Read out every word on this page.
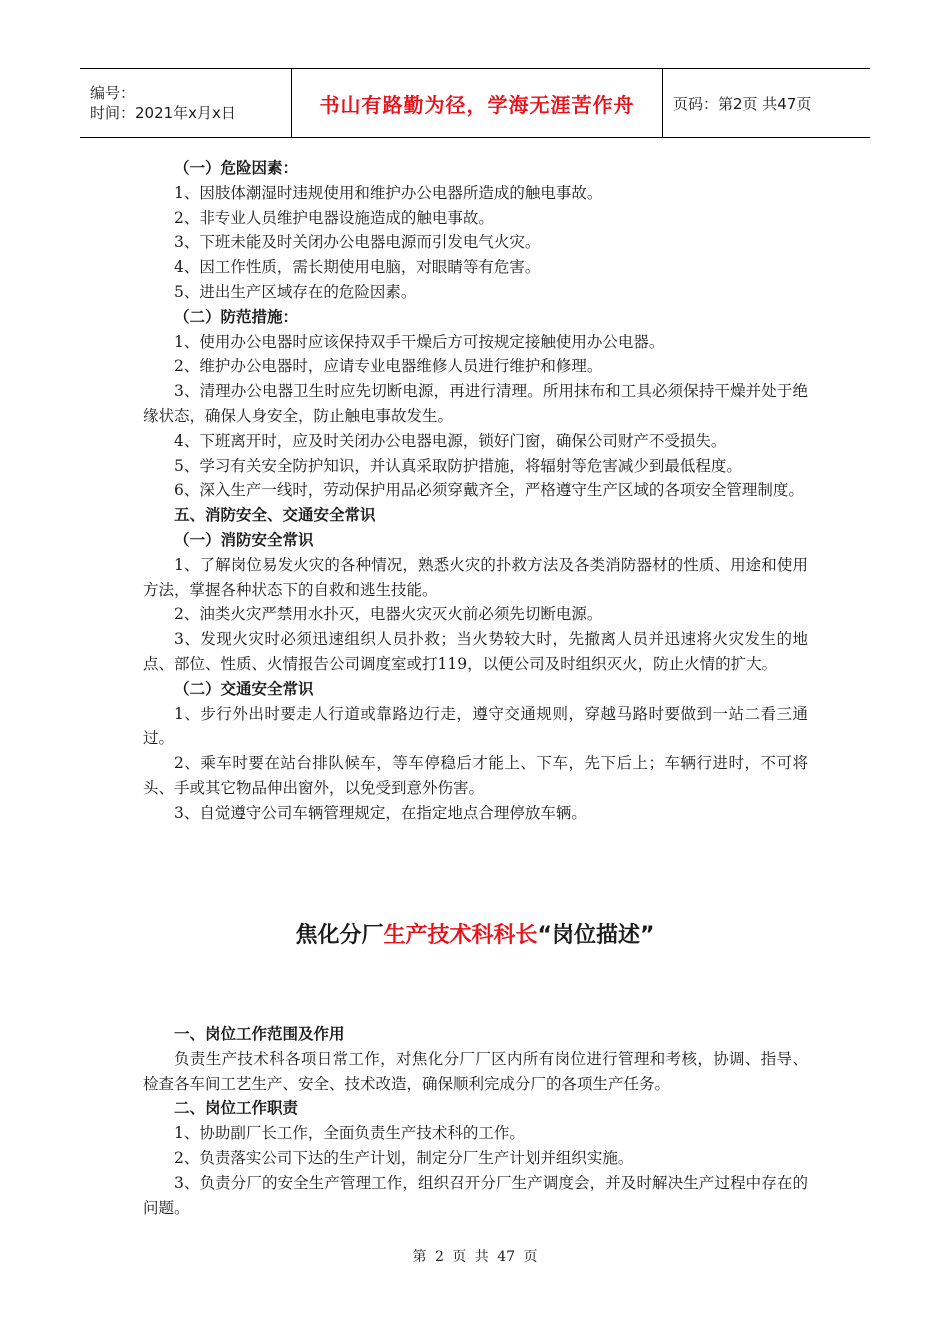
编号：
时间：2021年x月x日	书山有路勤为径，学海无涯苦作舟	页码：第2页 共47页

（一）危险因素：

1、因肢体潮湿时违规使用和维护办公电器所造成的触电事故。

2、非专业人员维护电器设施造成的触电事故。

3、下班未能及时关闭办公电器电源而引发电气火灾。

4、因工作性质，需长期使用电脑，对眼睛等有危害。

5、进出生产区域存在的危险因素。

（二）防范措施：

1、使用办公电器时应该保持双手干燥后方可按规定接触使用办公电器。

2、维护办公电器时，应请专业电器维修人员进行维护和修理。

3、清理办公电器卫生时应先切断电源，再进行清理。所用抹布和工具必须保持干燥并处于绝缘状态，确保人身安全，防止触电事故发生。

4、下班离开时，应及时关闭办公电器电源，锁好门窗，确保公司财产不受损失。

5、学习有关安全防护知识，并认真采取防护措施，将辐射等危害减少到最低程度。

6、深入生产一线时，劳动保护用品必须穿戴齐全，严格遵守生产区域的各项安全管理制度。

五、消防安全、交通安全常识

（一）消防安全常识

1、了解岗位易发火灾的各种情况，熟悉火灾的扑救方法及各类消防器材的性质、用途和使用方法，掌握各种状态下的自救和逃生技能。

2、油类火灾严禁用水扑灭，电器火灾灭火前必须先切断电源。

3、发现火灾时必须迅速组织人员扑救；当火势较大时，先撤离人员并迅速将火灾发生的地点、部位、性质、火情报告公司调度室或打119，以便公司及时组织灭火，防止火情的扩大。

（二）交通安全常识

1、步行外出时要走人行道或靠路边行走，遵守交通规则，穿越马路时要做到一站二看三通过。

2、乘车时要在站台排队候车，等车停稳后才能上、下车，先下后上；车辆行进时，不可将头、手或其它物品伸出窗外，以免受到意外伤害。

3、自觉遵守公司车辆管理规定，在指定地点合理停放车辆。

焦化分厂生产技术科科长“岗位描述”

一、岗位工作范围及作用

负责生产技术科各项日常工作，对焦化分厂厂区内所有岗位进行管理和考核，协调、指导、检查各车间工艺生产、安全、技术改造，确保顺利完成分厂的各项生产任务。

二、岗位工作职责

1、协助副厂长工作，全面负责生产技术科的工作。

2、负责落实公司下达的生产计划，制定分厂生产计划并组织实施。

3、负责分厂的安全生产管理工作，组织召开分厂生产调度会，并及时解决生产过程中存在的问题。

第 2 页 共 47 页
